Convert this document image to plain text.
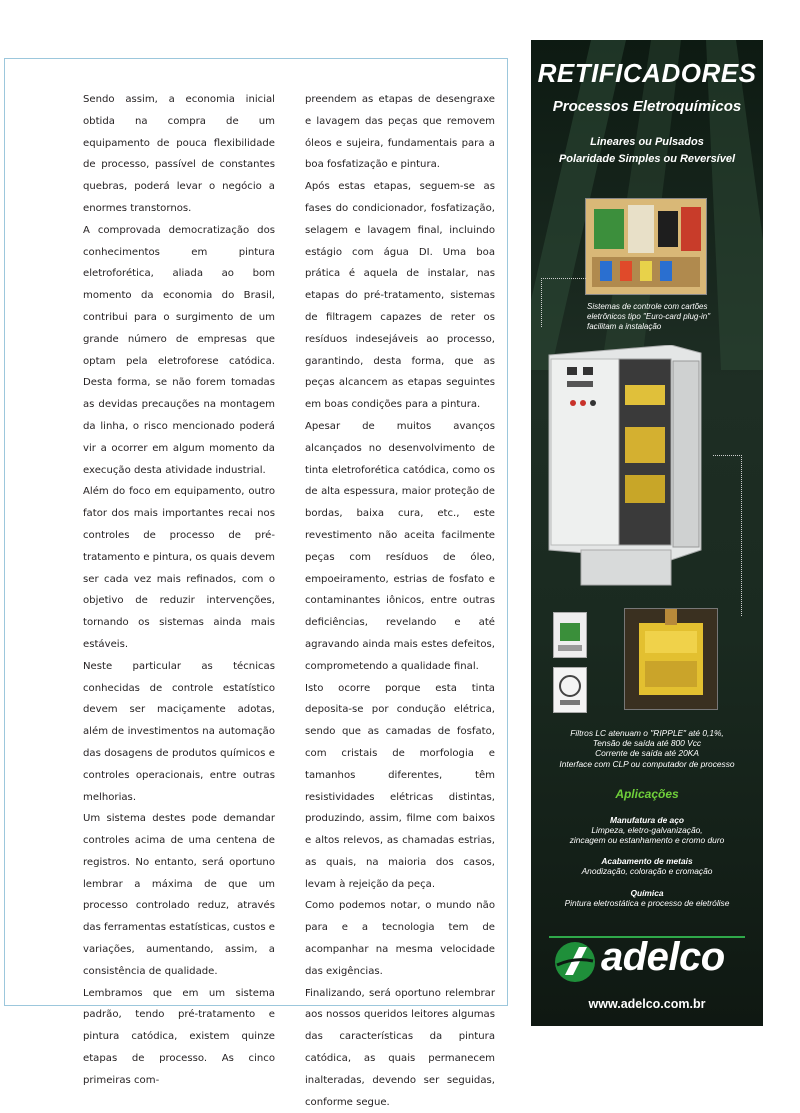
Sendo assim, a economia inicial obtida na compra de um equipamento de pouca flexibilidade de processo, passível de constantes quebras, poderá levar o negócio a enormes transtornos.

A comprovada democratização dos conhecimentos em pintura eletroforética, aliada ao bom momento da economia do Brasil, contribui para o surgimento de um grande número de empresas que optam pela eletroforese catódica. Desta forma, se não forem tomadas as devidas precauções na montagem da linha, o risco mencionado poderá vir a ocorrer em algum momento da execução desta atividade industrial.

Além do foco em equipamento, outro fator dos mais importantes recai nos controles de processo de pré-tratamento e pintura, os quais devem ser cada vez mais refinados, com o objetivo de reduzir intervenções, tornando os sistemas ainda mais estáveis.

Neste particular as técnicas conhecidas de controle estatístico devem ser maciçamente adotas, além de investimentos na automação das dosagens de produtos químicos e controles operacionais, entre outras melhorias.

Um sistema destes pode demandar controles acima de uma centena de registros. No entanto, será oportuno lembrar a máxima de que um processo controlado reduz, através das ferramentas estatísticas, custos e variações, aumentando, assim, a consistência de qualidade.

Lembramos que em um sistema padrão, tendo pré-tratamento e pintura catódica, existem quinze etapas de processo. As cinco primeiras com-

preendem as etapas de desengraxe e lavagem das peças que removem óleos e sujeira, fundamentais para a boa fosfatização e pintura.

Após estas etapas, seguem-se as fases do condicionador, fosfatização, selagem e lavagem final, incluindo estágio com água DI. Uma boa prática é aquela de instalar, nas etapas do pré-tratamento, sistemas de filtragem capazes de reter os resíduos indesejáveis ao processo, garantindo, desta forma, que as peças alcancem as etapas seguintes em boas condições para a pintura.

Apesar de muitos avanços alcançados no desenvolvimento de tinta eletroforética catódica, como os de alta espessura, maior proteção de bordas, baixa cura, etc., este revestimento não aceita facilmente peças com resíduos de óleo, empoeiramento, estrias de fosfato e contaminantes iônicos, entre outras deficiências, revelando e até agravando ainda mais estes defeitos, comprometendo a qualidade final.

Isto ocorre porque esta tinta deposita-se por condução elétrica, sendo que as camadas de fosfato, com cristais de morfologia e tamanhos diferentes, têm resistividades elétricas distintas, produzindo, assim, filme com baixos e altos relevos, as chamadas estrias, as quais, na maioria dos casos, levam à rejeição da peça.

Como podemos notar, o mundo não para e a tecnologia tem de acompanhar na mesma velocidade das exigências.

Finalizando, será oportuno relembrar aos nossos queridos leitores algumas das características da pintura catódica, as quais permanecem inalteradas, devendo ser seguidas, conforme segue.

RETIFICADORES
Processos Eletroquímicos
Lineares ou Pulsados
Polaridade Simples ou Reversível
Sistemas de controle com cartões
eletrônicos tipo "Euro-card plug-in"
facilitam a instalação
Filtros LC atenuam o "RIPPLE" até 0,1%,
Tensão de saída até 800 Vcc
Corrente de saída até 20KA
Interface com CLP ou computador de processo
Aplicações
Manufatura de aço
Limpeza, eletro-galvanização,
zincagem ou estanhamento e cromo duro
Acabamento de metais
Anodização, coloração e cromação
Química
Pintura eletrostática e processo de eletrólise
adelco
www.adelco.com.br
